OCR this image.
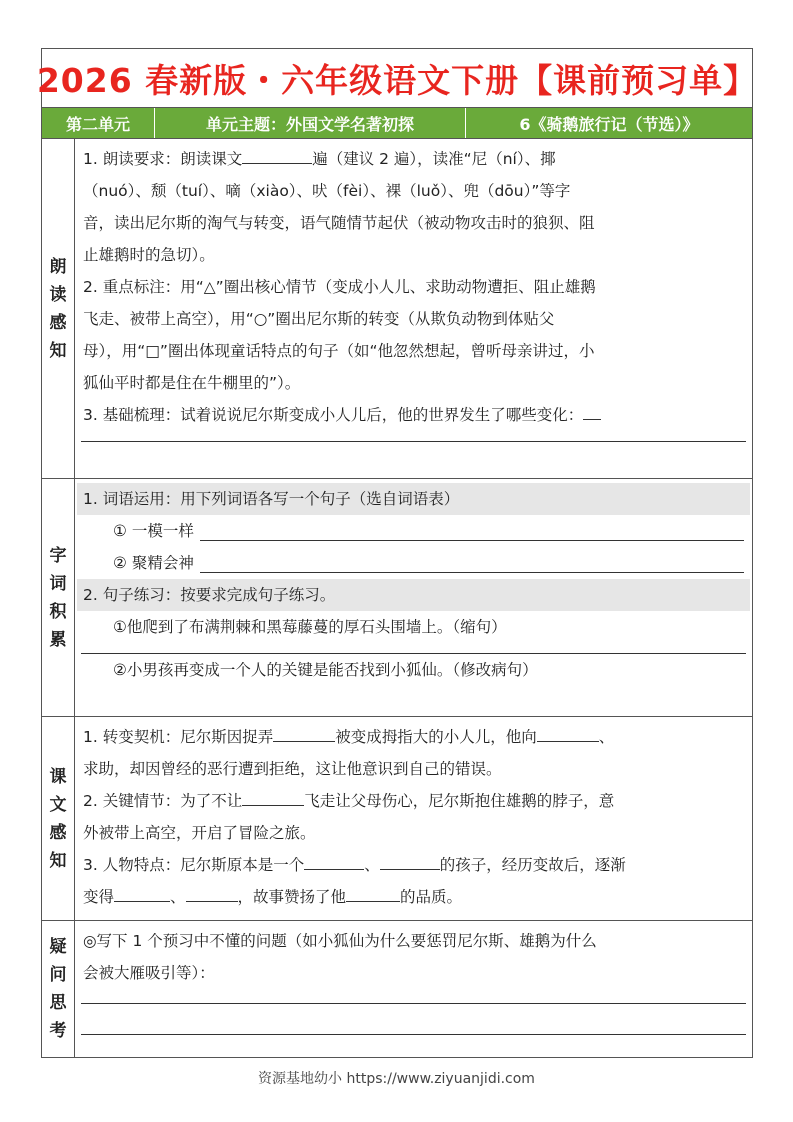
2026 春新版・六年级语文下册【课前预习单】
第二单元	单元主题：外国文学名著初探	6《骑鹅旅行记（节选）》
朗
读
感
知

1. 朗读要求：朗读课文	遍（建议 2 遍），读准“尼（ní）、揶

（nuó）、颓（tuí）、嘀（xiào）、吠（fèi）、裸（luǒ）、兜（dōu）”等字

音，读出尼尔斯的淘气与转变，语气随情节起伏（被动物攻击时的狼狈、阻

止雄鹅时的急切）。

2. 重点标注：用“△”圈出核心情节（变成小人儿、求助动物遭拒、阻止雄鹅

飞走、被带上高空），用“○”圈出尼尔斯的转变（从欺负动物到体贴父

母），用“□”圈出体现童话特点的句子（如“他忽然想起，曾听母亲讲过，小

狐仙平时都是住在牛棚里的”）。

3. 基础梳理：试着说说尼尔斯变成小人儿后，他的世界发生了哪些变化：

字
词
积
累

1. 词语运用：用下列词语各写一个句子（选自词语表）

① 一模一样
② 聚精会神

2. 句子练习：按要求完成句子练习。

①他爬到了布满荆棘和黑莓藤蔓的厚石头围墙上。（缩句）

②小男孩再变成一个人的关键是能否找到小狐仙。（修改病句）

课
文
感
知

1. 转变契机：尼尔斯因捉弄	被变成拇指大的小人儿，他向	、

求助，却因曾经的恶行遭到拒绝，这让他意识到自己的错误。

2. 关键情节：为了不让	飞走让父母伤心，尼尔斯抱住雄鹅的脖子，意

外被带上高空，开启了冒险之旅。

3. 人物特点：尼尔斯原本是一个	、	的孩子，经历变故后，逐渐

变得	、	，故事赞扬了他	的品质。

疑
问
思
考

◎写下 1 个预习中不懂的问题（如小狐仙为什么要惩罚尼尔斯、雄鹅为什么

会被大雁吸引等）：

资源基地幼小 https://www.ziyuanjidi.com
